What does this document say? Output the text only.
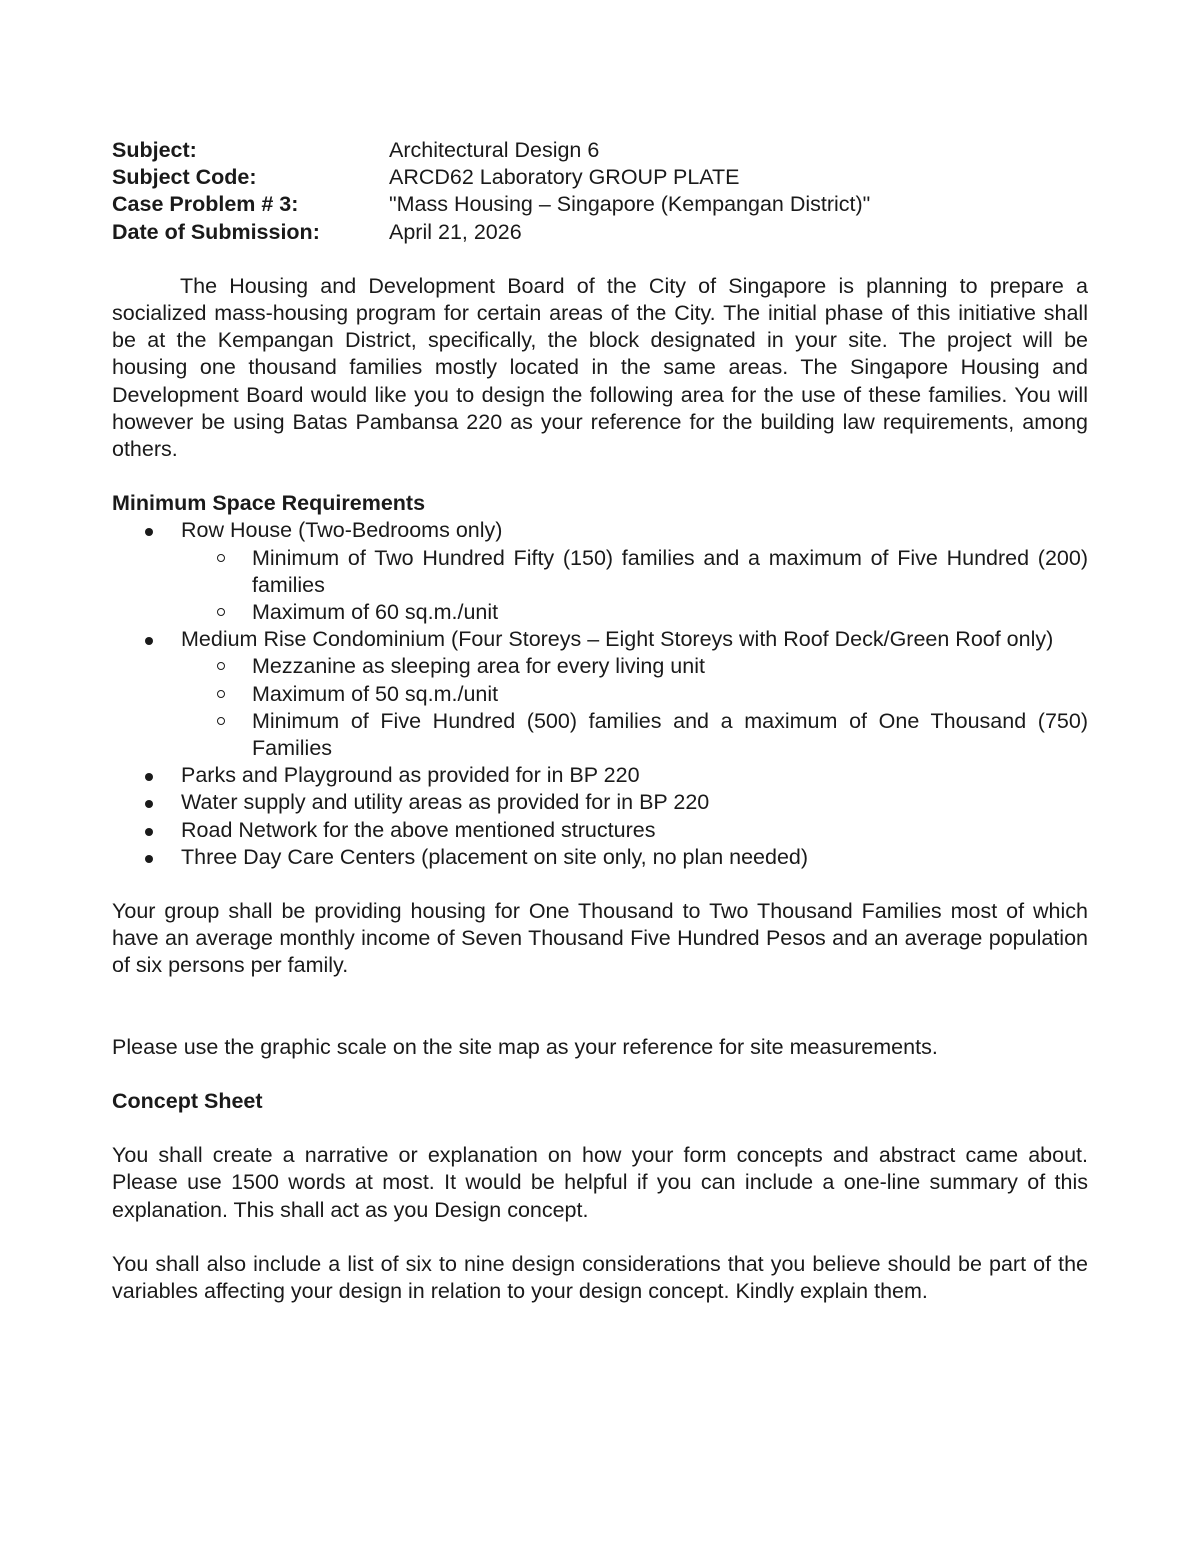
Subject:	Architectural Design 6
Subject Code:	ARCD62 Laboratory GROUP PLATE
Case Problem # 3:	"Mass Housing – Singapore (Kempangan District)"
Date of Submission:	April 21, 2026

The Housing and Development Board of the City of Singapore is planning to prepare a socialized mass-housing program for certain areas of the City. The initial phase of this initiative shall be at the Kempangan District, specifically, the block designated in your site. The project will be housing one thousand families mostly located in the same areas. The Singapore Housing and Development Board would like you to design the following area for the use of these families. You will however be using Batas Pambansa 220 as your reference for the building law requirements, among others.

Minimum Space Requirements

Row House (Two-Bedrooms only)
Minimum of Two Hundred Fifty (150) families and a maximum of Five Hundred (200) families
Maximum of 60 sq.m./unit
Medium Rise Condominium (Four Storeys – Eight Storeys with Roof Deck/Green Roof only)
Mezzanine as sleeping area for every living unit
Maximum of 50 sq.m./unit
Minimum of Five Hundred (500) families and a maximum of One Thousand (750) Families
Parks and Playground as provided for in BP 220
Water supply and utility areas as provided for in BP 220
Road Network for the above mentioned structures
Three Day Care Centers (placement on site only, no plan needed)

Your group shall be providing housing for One Thousand to Two Thousand Families most of which have an average monthly income of Seven Thousand Five Hundred Pesos and an average population of six persons per family.

Please use the graphic scale on the site map as your reference for site measurements.

Concept Sheet

You shall create a narrative or explanation on how your form concepts and abstract came about. Please use 1500 words at most. It would be helpful if you can include a one-line summary of this explanation. This shall act as you Design concept.

You shall also include a list of six to nine design considerations that you believe should be part of the variables affecting your design in relation to your design concept. Kindly explain them.
